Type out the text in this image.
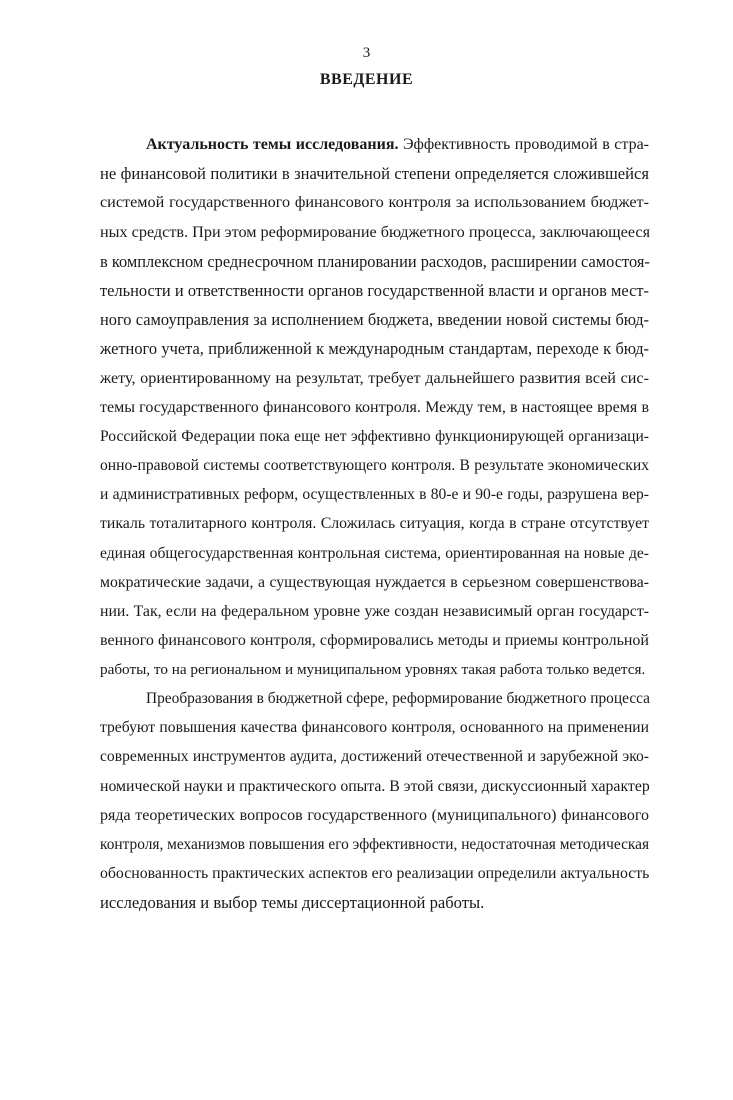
3
ВВЕДЕНИЕ
Актуальность темы исследования. Эффективность проводимой в стра-
не финансовой политики в значительной степени определяется сложившейся
системой государственного финансового контроля за использованием бюджет-
ных средств. При этом реформирование бюджетного процесса, заключающееся
в комплексном среднесрочном планировании расходов, расширении самостоя-
тельности и ответственности органов государственной власти и органов мест-
ного самоуправления за исполнением бюджета, введении новой системы бюд-
жетного учета, приближенной к международным стандартам, переходе к бюд-
жету, ориентированному на результат, требует дальнейшего развития всей сис-
темы государственного финансового контроля. Между тем, в настоящее время в
Российской Федерации пока еще нет эффективно функционирующей организаци-
онно-правовой системы соответствующего контроля. В результате экономических
и административных реформ, осуществленных в 80-е и 90-е годы, разрушена вер-
тикаль тоталитарного контроля. Сложилась ситуация, когда в стране отсутствует
единая общегосударственная контрольная система, ориентированная на новые де-
мократические задачи, а существующая нуждается в серьезном совершенствова-
нии. Так, если на федеральном уровне уже создан независимый орган государст-
венного финансового контроля, сформировались методы и приемы контрольной
работы, то на региональном и муниципальном уровнях такая работа только ведется.
Преобразования в бюджетной сфере, реформирование бюджетного процесса
требуют повышения качества финансового контроля, основанного на применении
современных инструментов аудита, достижений отечественной и зарубежной эко-
номической науки и практического опыта. В этой связи, дискуссионный характер
ряда теоретических вопросов государственного (муниципального) финансового
контроля, механизмов повышения его эффективности, недостаточная методическая
обоснованность практических аспектов его реализации определили актуальность
исследования и выбор темы диссертационной работы.
